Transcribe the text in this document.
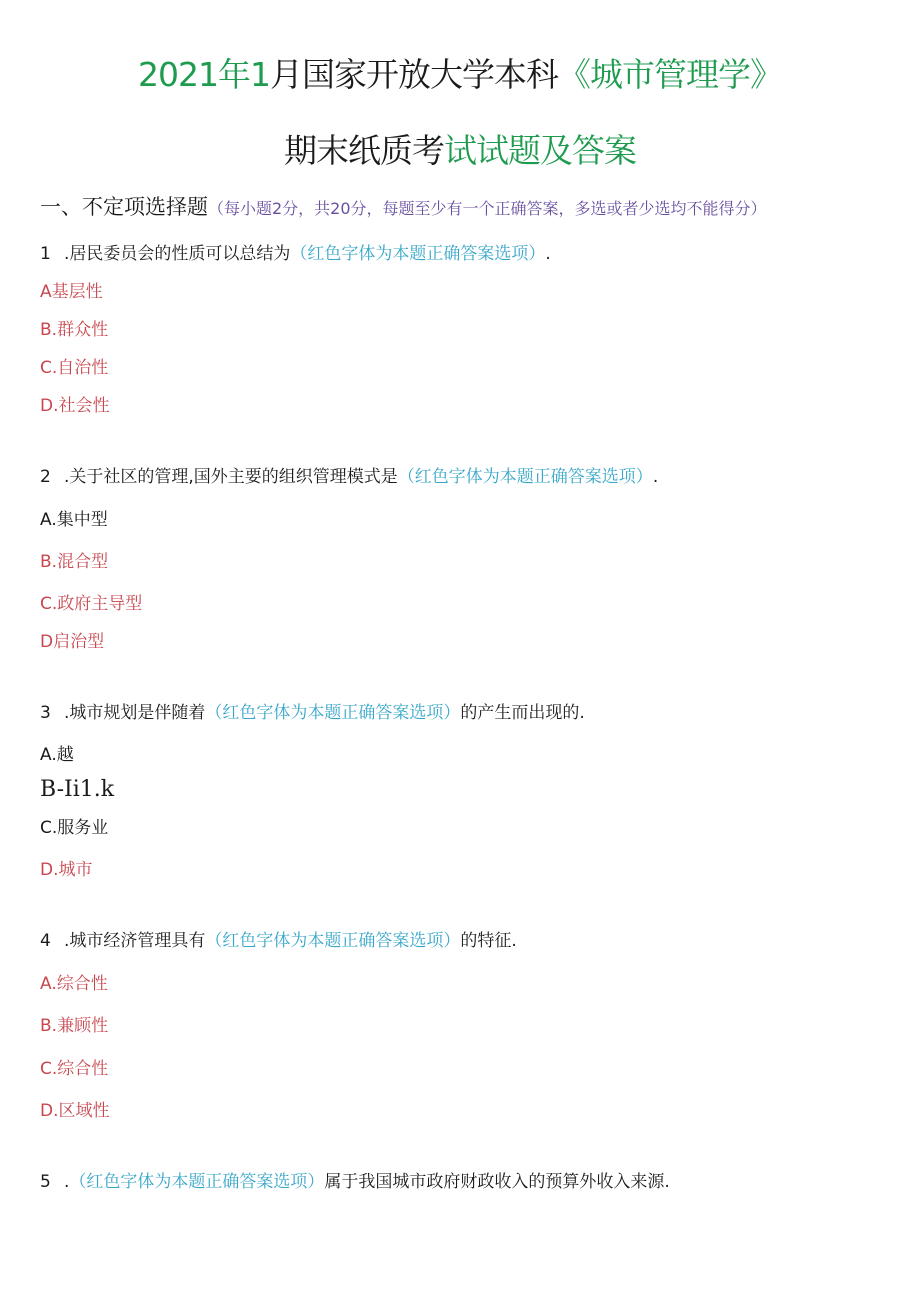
2021年1月国家开放大学本科《城市管理学》
期末纸质考试试题及答案
一、不定项选择题（每小题2分，共20分，每题至少有一个正确答案，多选或者少选均不能得分）
1 .居民委员会的性质可以总结为（红色字体为本题正确答案选项）.
A基层性
B.群众性
C.自治性
D.社会性
2 .关于社区的管理,国外主要的组织管理模式是（红色字体为本题正确答案选项）.
A.集中型
B.混合型
C.政府主导型
D启治型
3 .城市规划是伴随着（红色字体为本题正确答案选项）的产生而出现的.
A.越
B-Ii1.k
C.服务业
D.城市
4 .城市经济管理具有（红色字体为本题正确答案选项）的特征.
A.综合性
B.兼顾性
C.综合性
D.区域性
5 .（红色字体为本题正确答案选项）属于我国城市政府财政收入的预算外收入来源.
